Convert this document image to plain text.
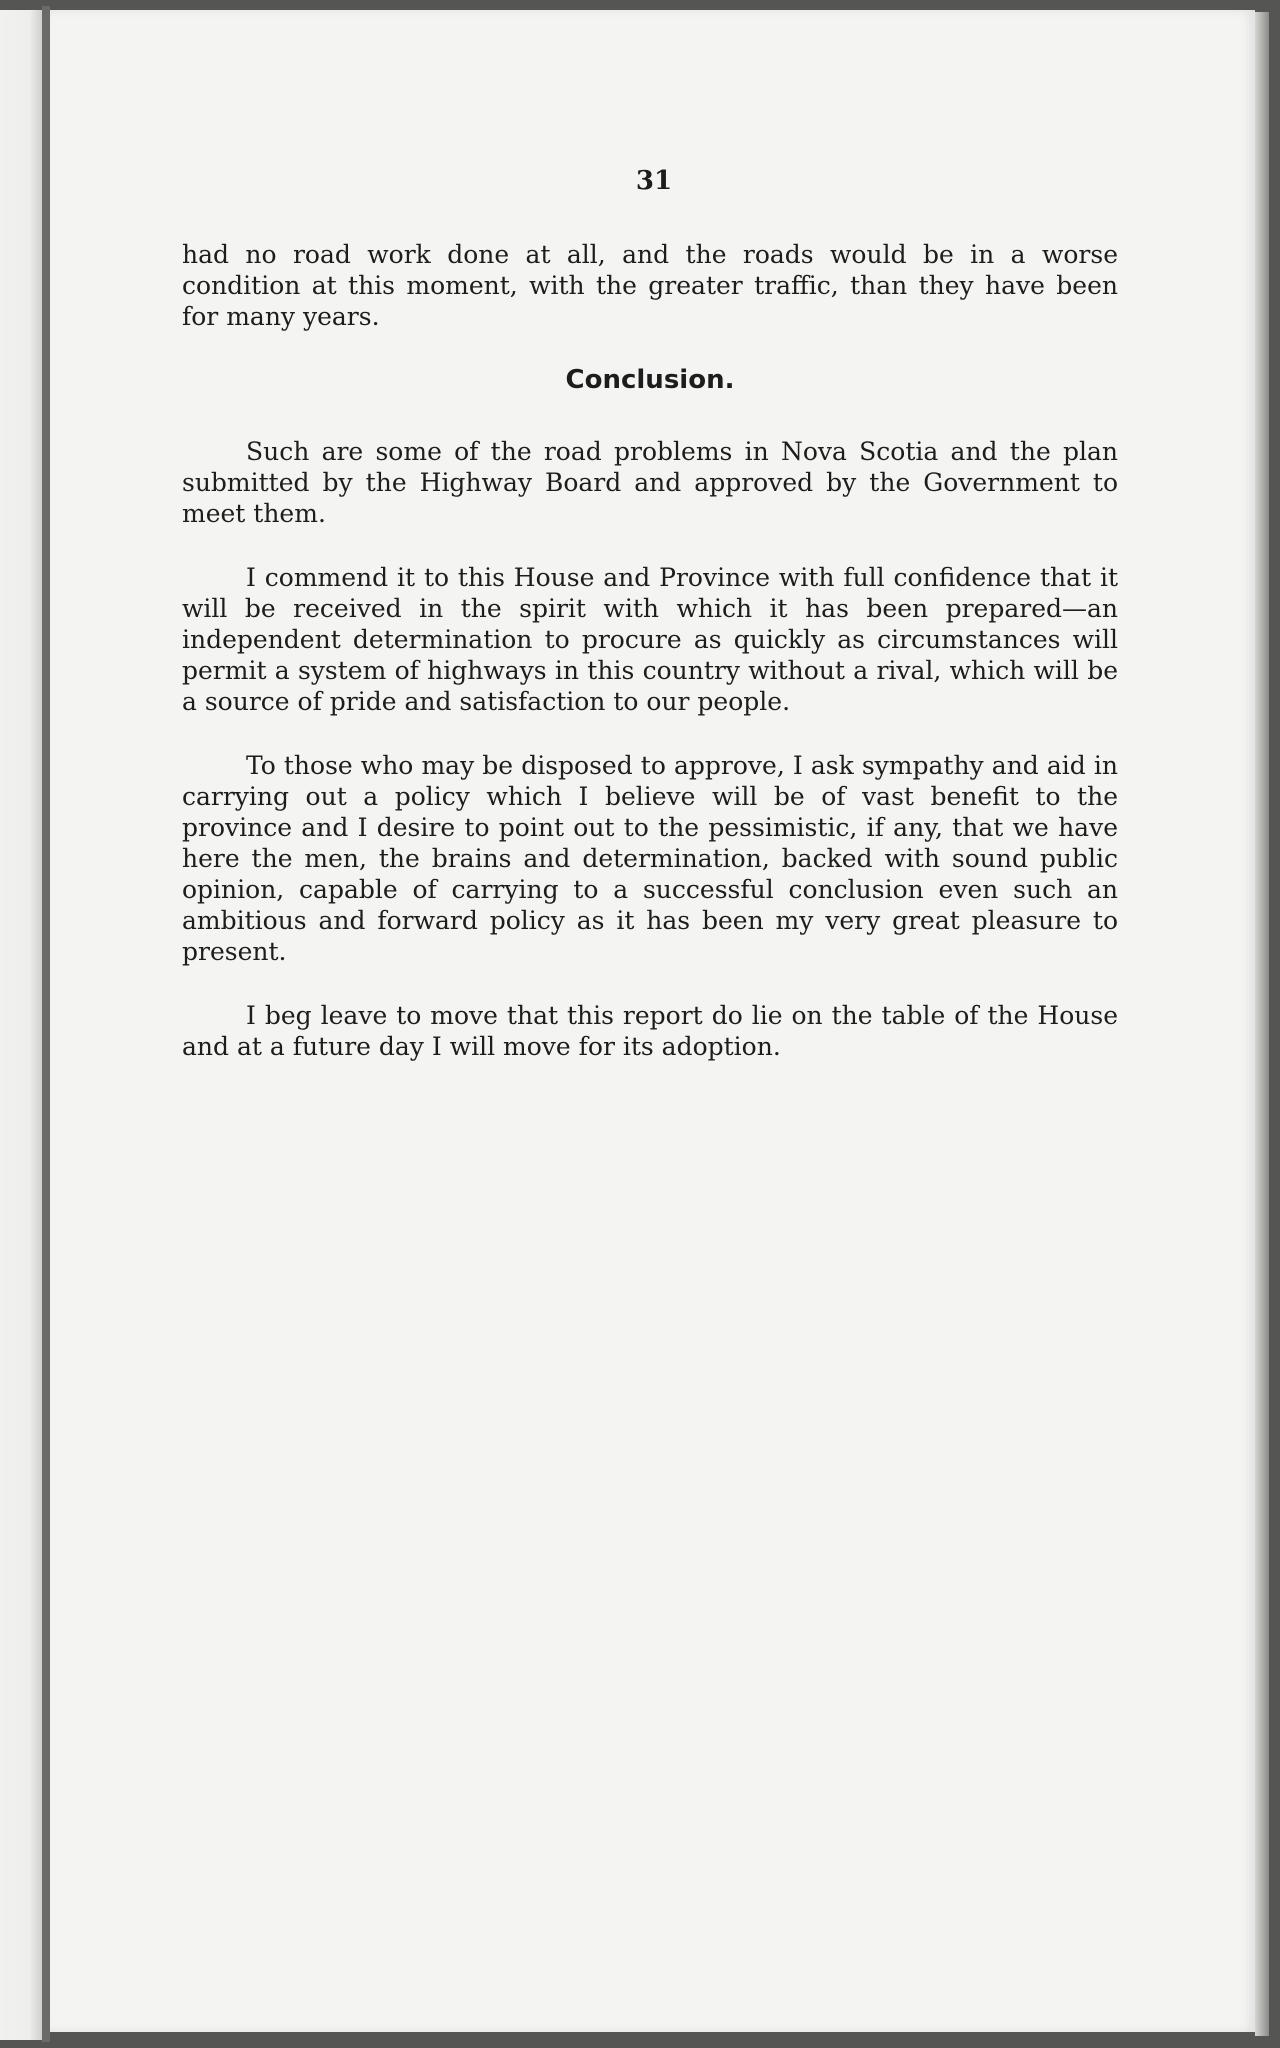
31

had no road work done at all, and the roads would be in a worse condition at this moment, with the greater traffic, than they have been for many years.

Conclusion.

Such are some of the road problems in Nova Scotia and the plan submitted by the Highway Board and approved by the Government to meet them.

I commend it to this House and Province with full confidence that it will be received in the spirit with which it has been prepared—an independent determination to procure as quickly as circumstances will permit a system of highways in this country without a rival, which will be a source of pride and satisfaction to our people.

To those who may be disposed to approve, I ask sympathy and aid in carrying out a policy which I believe will be of vast benefit to the province and I desire to point out to the pessimistic, if any, that we have here the men, the brains and determination, backed with sound public opinion, capable of carrying to a successful conclusion even such an ambitious and forward policy as it has been my very great pleasure to present.

I beg leave to move that this report do lie on the table of the House and at a future day I will move for its adoption.
